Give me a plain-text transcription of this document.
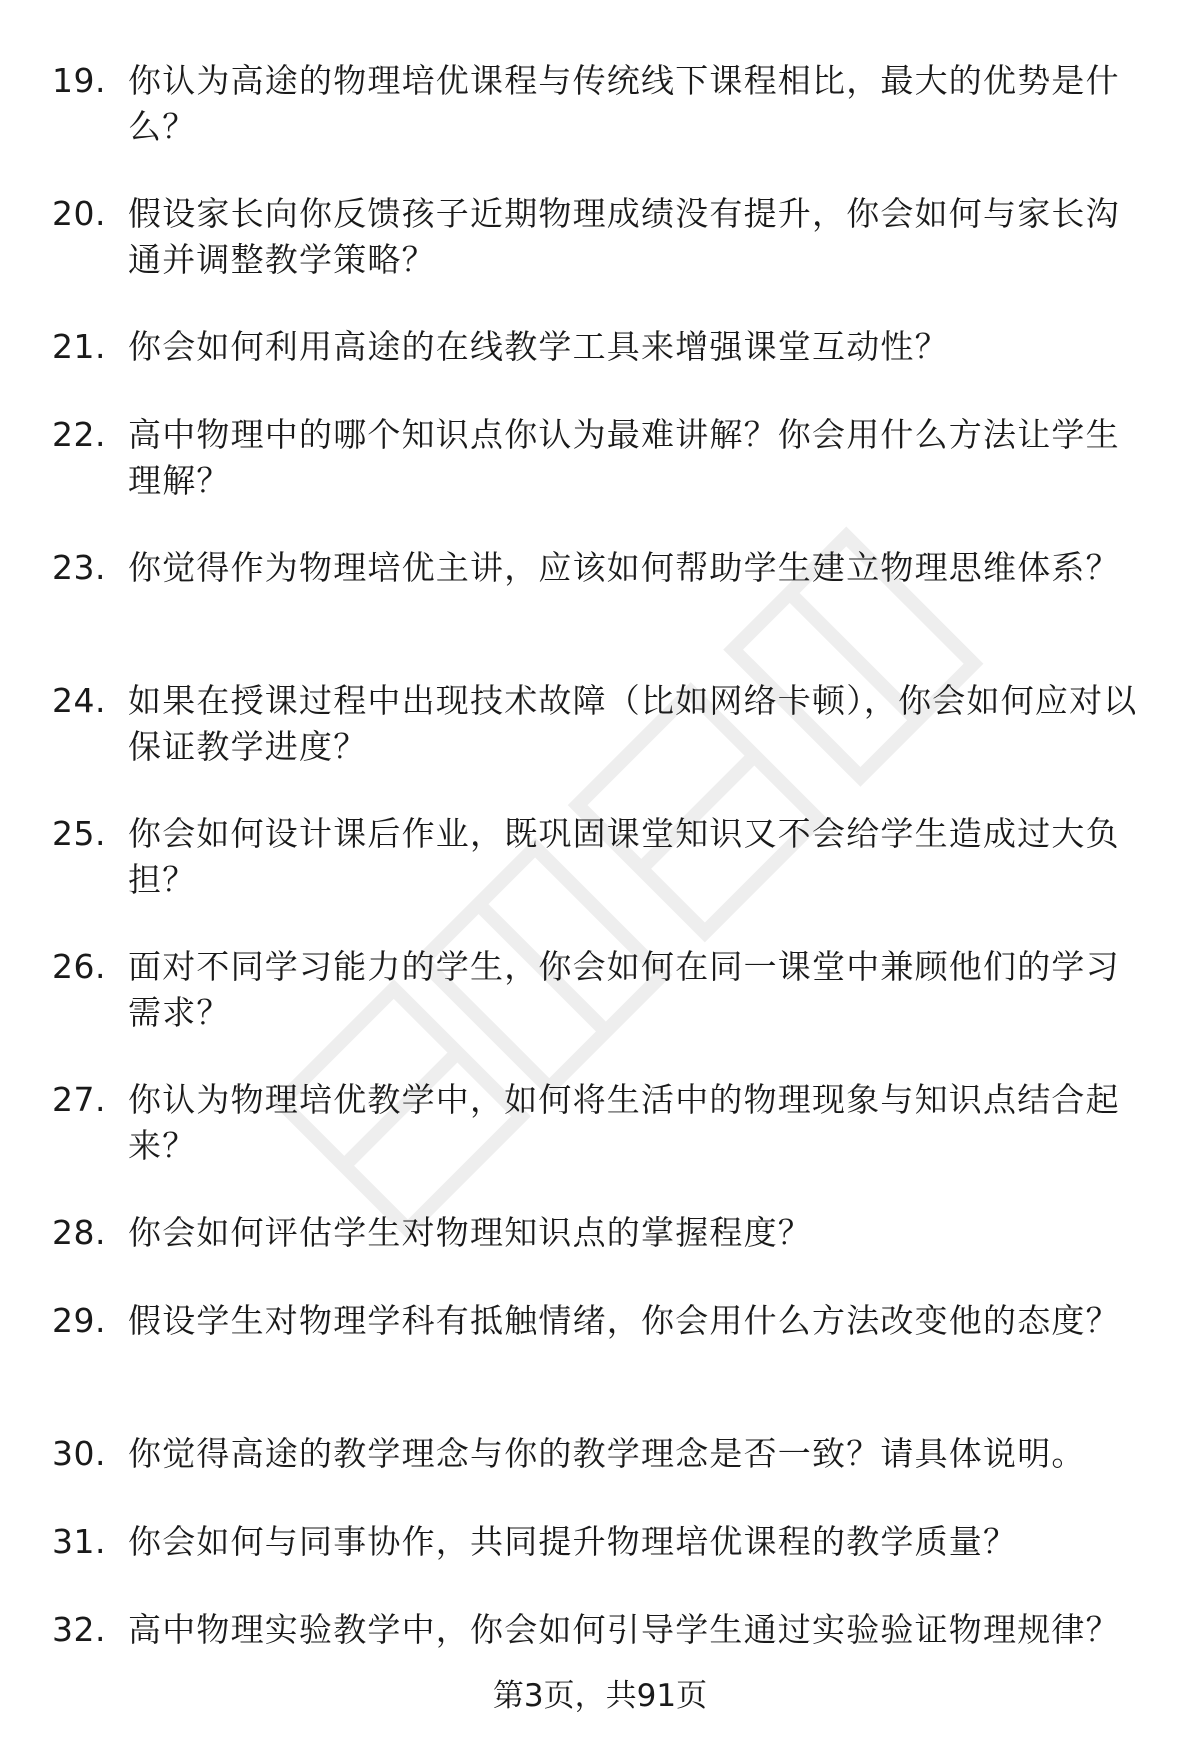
19. 你认为高途的物理培优课程与传统线下课程相比，最大的优势是什么？
20. 假设家长向你反馈孩子近期物理成绩没有提升，你会如何与家长沟通并调整教学策略？
21. 你会如何利用高途的在线教学工具来增强课堂互动性？
22. 高中物理中的哪个知识点你认为最难讲解？你会用什么方法让学生理解？
23. 你觉得作为物理培优主讲，应该如何帮助学生建立物理思维体系？
24. 如果在授课过程中出现技术故障（比如网络卡顿），你会如何应对以保证教学进度？
25. 你会如何设计课后作业，既巩固课堂知识又不会给学生造成过大负担？
26. 面对不同学习能力的学生，你会如何在同一课堂中兼顾他们的学习需求？
27. 你认为物理培优教学中，如何将生活中的物理现象与知识点结合起来？
28. 你会如何评估学生对物理知识点的掌握程度？
29. 假设学生对物理学科有抵触情绪，你会用什么方法改变他的态度？
30. 你觉得高途的教学理念与你的教学理念是否一致？请具体说明。
31. 你会如何与同事协作，共同提升物理培优课程的教学质量？
32. 高中物理实验教学中，你会如何引导学生通过实验验证物理规律？
第3页，共91页
